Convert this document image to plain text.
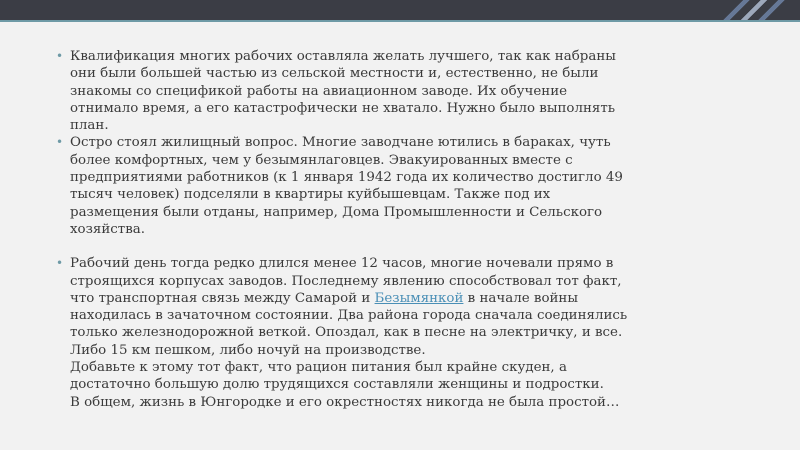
• Квалификация многих рабочих оставляла желать лучшего, так как набраны
они были большей частью из сельской местности и, естественно, не были
знакомы со спецификой работы на авиационном заводе. Их обучение
отнимало время, а его катастрофически не хватало. Нужно было выполнять
план.
• Остро стоял жилищный вопрос. Многие заводчане ютились в бараках, чуть
более комфортных, чем у безымянлаговцев. Эвакуированных вместе с
предприятиями работников (к 1 января 1942 года их количество достигло 49
тысяч человек) подселяли в квартиры куйбышевцам. Также под их
размещения были отданы, например, Дома Промышленности и Сельского
хозяйства.
• Рабочий день тогда редко длился менее 12 часов, многие ночевали прямо в
строящихся корпусах заводов. Последнему явлению способствовал тот факт,
что транспортная связь между Самарой и Безымянкой в начале войны
находилась в зачаточном состоянии. Два района города сначала соединялись
только железнодорожной веткой. Опоздал, как в песне на электричку, и все.
Либо 15 км пешком, либо ночуй на производстве.
Добавьте к этому тот факт, что рацион питания был крайне скуден, а
достаточно большую долю трудящихся составляли женщины и подростки.
В общем, жизнь в Юнгородке и его окрестностях никогда не была простой…
